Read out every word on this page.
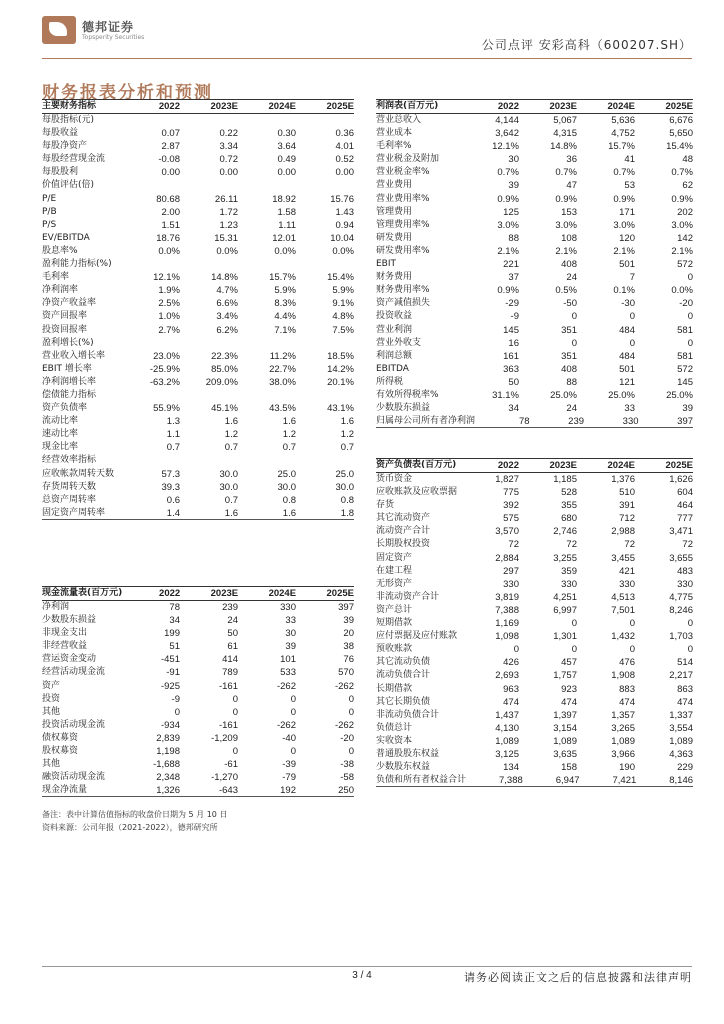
德邦证券
Topsperity Securities
公司点评 安彩高科（600207.SH）
财务报表分析和预测
主要财务指标	2022	2023E	2024E	2025E
每股指标(元)
每股收益	0.07	0.22	0.30	0.36
每股净资产	2.87	3.34	3.64	4.01
每股经营现金流	-0.08	0.72	0.49	0.52
每股股利	0.00	0.00	0.00	0.00
价值评估(倍)
P/E	80.68	26.11	18.92	15.76
P/B	2.00	1.72	1.58	1.43
P/S	1.51	1.23	1.11	0.94
EV/EBITDA	18.76	15.31	12.01	10.04
股息率%	0.0%	0.0%	0.0%	0.0%
盈利能力指标(%)
毛利率	12.1%	14.8%	15.7%	15.4%
净利润率	1.9%	4.7%	5.9%	5.9%
净资产收益率	2.5%	6.6%	8.3%	9.1%
资产回报率	1.0%	3.4%	4.4%	4.8%
投资回报率	2.7%	6.2%	7.1%	7.5%
盈利增长(%)
营业收入增长率	23.0%	22.3%	11.2%	18.5%
EBIT 增长率	-25.9%	85.0%	22.7%	14.2%
净利润增长率	-63.2%	209.0%	38.0%	20.1%
偿债能力指标
资产负债率	55.9%	45.1%	43.5%	43.1%
流动比率	1.3	1.6	1.6	1.6
速动比率	1.1	1.2	1.2	1.2
现金比率	0.7	0.7	0.7	0.7
经营效率指标
应收帐款周转天数	57.3	30.0	25.0	25.0
存货周转天数	39.3	30.0	30.0	30.0
总资产周转率	0.6	0.7	0.8	0.8
固定资产周转率	1.4	1.6	1.6	1.8
利润表(百万元)	2022	2023E	2024E	2025E
营业总收入	4,144	5,067	5,636	6,676
营业成本	3,642	4,315	4,752	5,650
毛利率%	12.1%	14.8%	15.7%	15.4%
营业税金及附加	30	36	41	48
营业税金率%	0.7%	0.7%	0.7%	0.7%
营业费用	39	47	53	62
营业费用率%	0.9%	0.9%	0.9%	0.9%
管理费用	125	153	171	202
管理费用率%	3.0%	3.0%	3.0%	3.0%
研发费用	88	108	120	142
研发费用率%	2.1%	2.1%	2.1%	2.1%
EBIT	221	408	501	572
财务费用	37	24	7	0
财务费用率%	0.9%	0.5%	0.1%	0.0%
资产减值损失	-29	-50	-30	-20
投资收益	-9	0	0	0
营业利润	145	351	484	581
营业外收支	16	0	0	0
利润总额	161	351	484	581
EBITDA	363	408	501	572
所得税	50	88	121	145
有效所得税率%	31.1%	25.0%	25.0%	25.0%
少数股东损益	34	24	33	39
归属母公司所有者净利润	78	239	330	397
资产负债表(百万元)	2022	2023E	2024E	2025E
货币资金	1,827	1,185	1,376	1,626
应收账款及应收票据	775	528	510	604
存货	392	355	391	464
其它流动资产	575	680	712	777
流动资产合计	3,570	2,746	2,988	3,471
长期股权投资	72	72	72	72
固定资产	2,884	3,255	3,455	3,655
在建工程	297	359	421	483
无形资产	330	330	330	330
非流动资产合计	3,819	4,251	4,513	4,775
资产总计	7,388	6,997	7,501	8,246
短期借款	1,169	0	0	0
应付票据及应付账款	1,098	1,301	1,432	1,703
预收账款	0	0	0	0
其它流动负债	426	457	476	514
流动负债合计	2,693	1,757	1,908	2,217
长期借款	963	923	883	863
其它长期负债	474	474	474	474
非流动负债合计	1,437	1,397	1,357	1,337
负债总计	4,130	3,154	3,265	3,554
实收资本	1,089	1,089	1,089	1,089
普通股股东权益	3,125	3,635	3,966	4,363
少数股东权益	134	158	190	229
负债和所有者权益合计	7,388	6,947	7,421	8,146
现金流量表(百万元)	2022	2023E	2024E	2025E
净利润	78	239	330	397
少数股东损益	34	24	33	39
非现金支出	199	50	30	20
非经营收益	51	61	39	38
营运资金变动	-451	414	101	76
经营活动现金流	-91	789	533	570
资产	-925	-161	-262	-262
投资	-9	0	0	0
其他	0	0	0	0
投资活动现金流	-934	-161	-262	-262
债权募资	2,839	-1,209	-40	-20
股权募资	1,198	0	0	0
其他	-1,688	-61	-39	-38
融资活动现金流	2,348	-1,270	-79	-58
现金净流量	1,326	-643	192	250
备注：表中计算估值指标的收盘价日期为 5 月 10 日
资料来源：公司年报（2021-2022），德邦研究所
3 / 4	请务必阅读正文之后的信息披露和法律声明
